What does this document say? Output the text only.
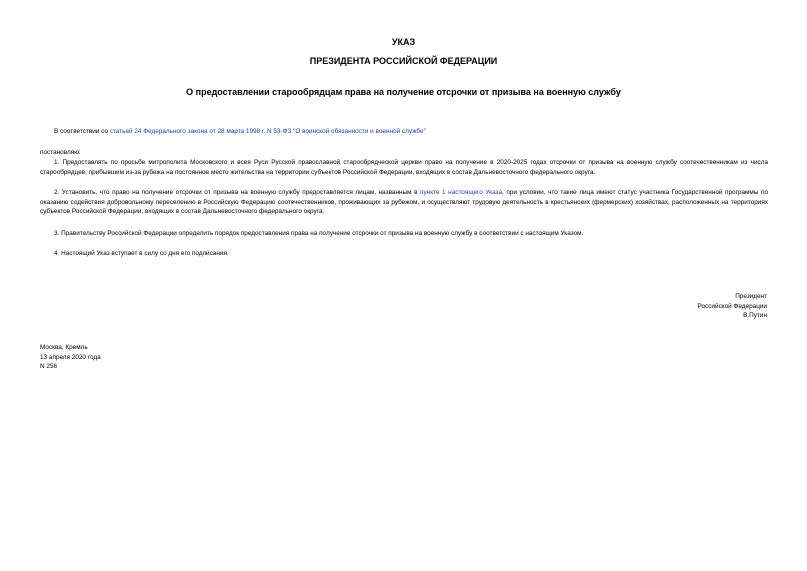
УКАЗ
ПРЕЗИДЕНТА РОССИЙСКОЙ ФЕДЕРАЦИИ
О предоставлении старообрядцам права на получение отсрочки от призыва на военную службу
В соответствии со статьей 24 Федерального закона от 28 марта 1998 г. N 53-ФЗ "О воинской обязанности и военной службе"
постановляю:
1. Предоставлять по просьбе митрополита Московского и всея Руси Русской православной старообрядческой церкви право на получение в 2020-2025 годах отсрочки от призыва на военную службу соотечественникам из числа старообрядцев, прибывшим из-за рубежа на постоянное место жительства на территории субъектов Российской Федерации, входящих в состав Дальневосточного федерального округа.
2. Установить, что право на получение отсрочки от призыва на военную службу предоставляется лицам, названным в пункте 1 настоящего Указа, при условии, что такие лица имеют статус участника Государственной программы по оказанию содействия добровольному переселению в Российскую Федерацию соотечественников, проживающих за рубежом, и осуществляют трудовую деятельность в крестьянских (фермерских) хозяйствах, расположенных на территориях субъектов Российской Федерации, входящих в состав Дальневосточного федерального округа.
3. Правительству Российской Федерации определить порядок предоставления права на получение отсрочки от призыва на военную службу в соответствии с настоящим Указом.
4. Настоящий Указ вступает в силу со дня его подписания.
Президент
Российской Федерации
В.Путин
Москва, Кремль
13 апреля 2020 года
N 256
